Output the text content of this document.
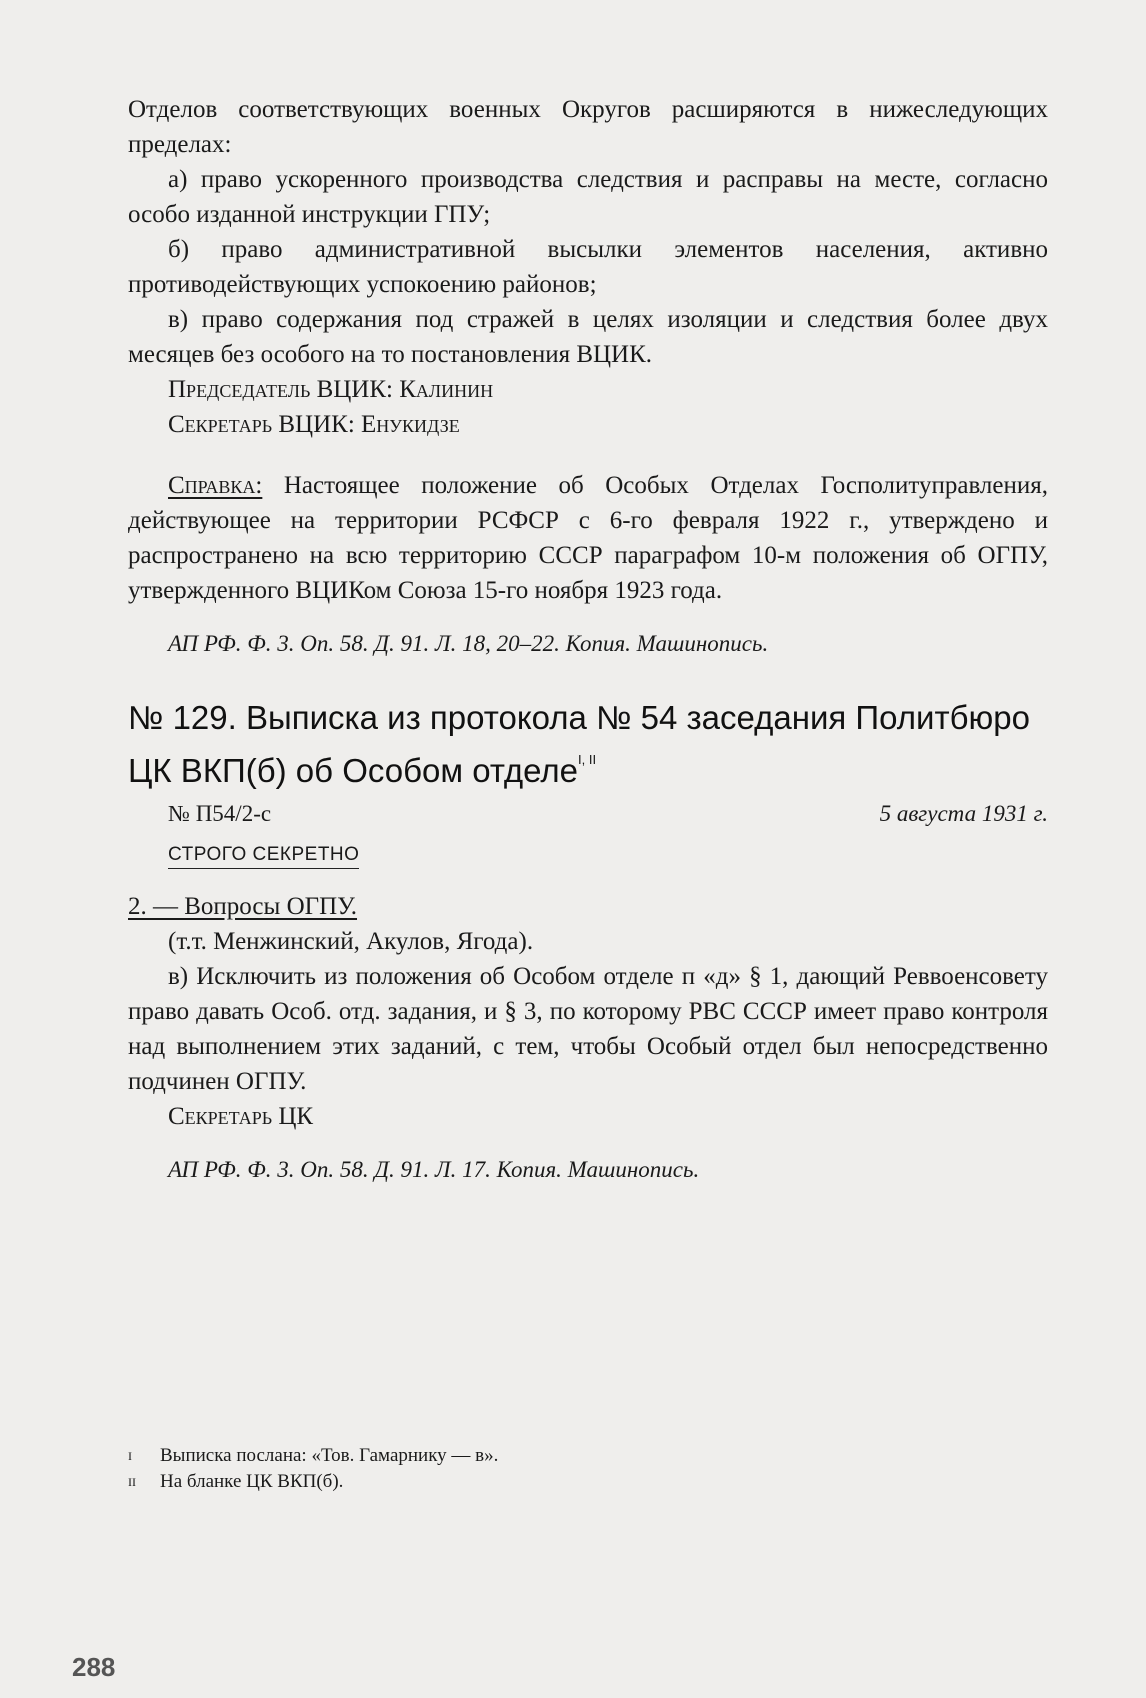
Отделов соответствующих военных Округов расширяются в нижеследующих пределах:

а) право ускоренного производства следствия и расправы на месте, согласно особо изданной инструкции ГПУ;

б) право административной высылки элементов населения, активно противодействующих успокоению районов;

в) право содержания под стражей в целях изоляции и следствия более двух месяцев без особого на то постановления ВЦИК.

Председатель ВЦИК: Калинин

Секретарь ВЦИК: Енукидзе

Справка: Настоящее положение об Особых Отделах Госполитуправления, действующее на территории РСФСР с 6-го февраля 1922 г., утверждено и распространено на всю территорию СССР параграфом 10-м положения об ОГПУ, утвержденного ВЦИКом Союза 15-го ноября 1923 года.

АП РФ. Ф. 3. Оп. 58. Д. 91. Л. 18, 20–22. Копия. Машинопись.

№ 129. Выписка из протокола № 54 заседания Политбюро ЦК ВКП(б) об Особом отделе$^{I, II}$
№ П54/2-с	5 августа 1931 г.
СТРОГО СЕКРЕТНО

2. — Вопросы ОГПУ.

(т.т. Менжинский, Акулов, Ягода).

в) Исключить из положения об Особом отделе п «д» § 1, дающий Реввоенсовету право давать Особ. отд. задания, и § 3, по которому РВС СССР имеет право контроля над выполнением этих заданий, с тем, чтобы Особый отдел был непосредственно подчинен ОГПУ.

Секретарь ЦК

АП РФ. Ф. 3. Оп. 58. Д. 91. Л. 17. Копия. Машинопись.

I	Выписка послана: «Тов. Гамарнику — в».
II	На бланке ЦК ВКП(б).
288
